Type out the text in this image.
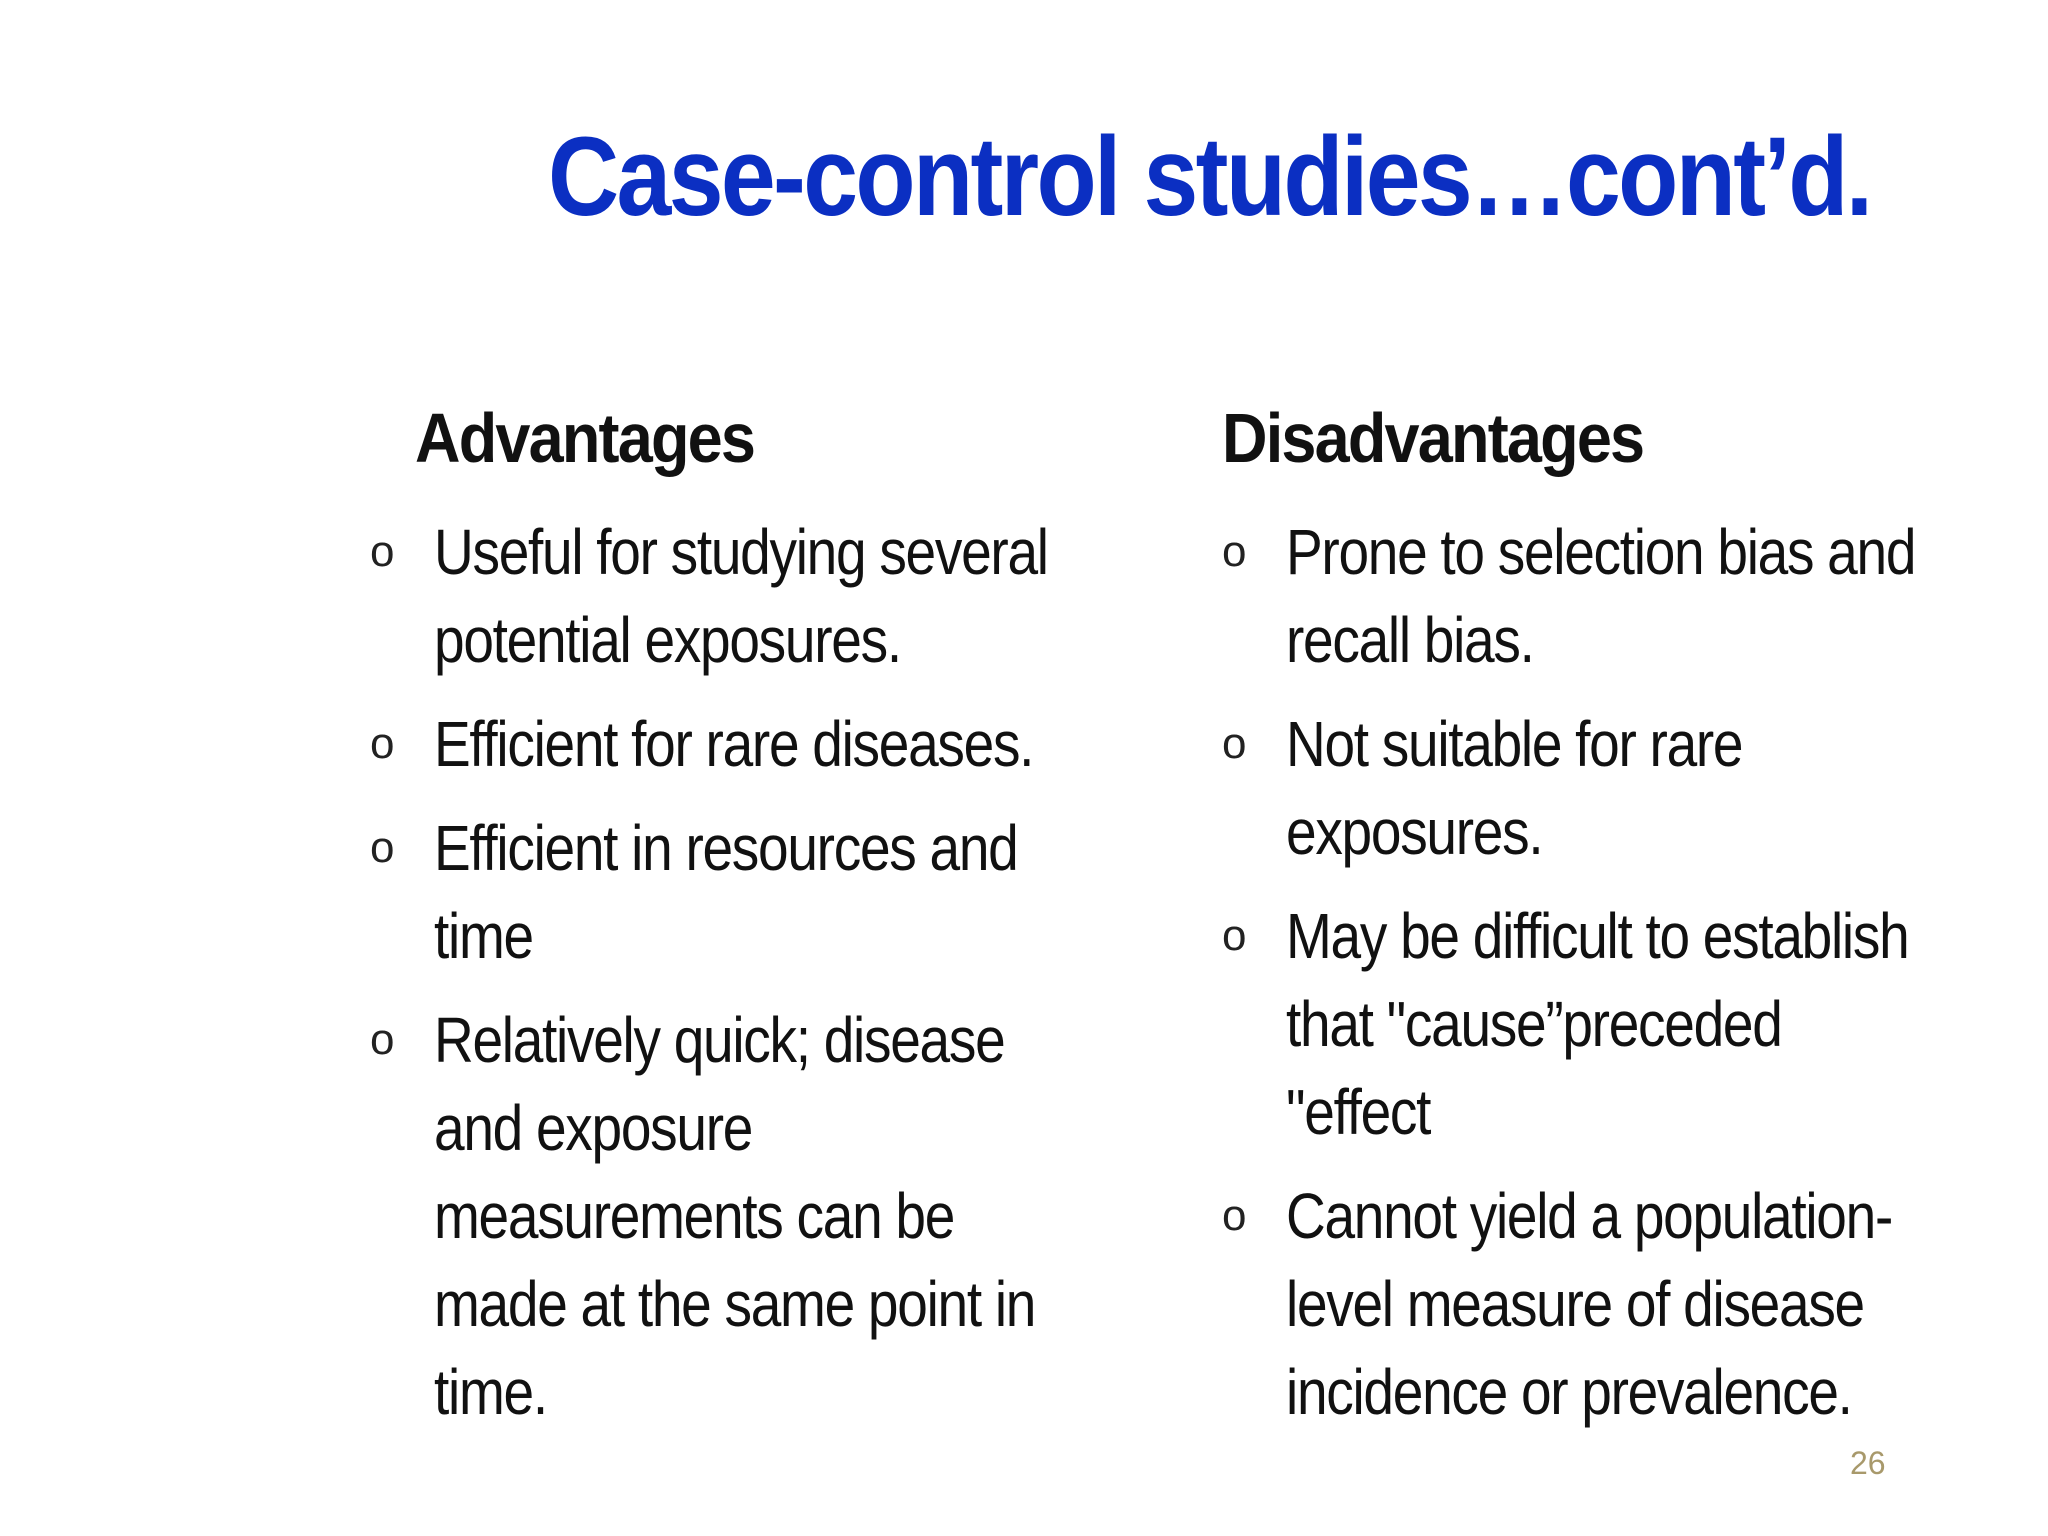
Case-control studies…cont’d.
Advantages
o Useful for studying several potential exposures.
o Efficient for rare diseases.
o Efficient in resources and time
o Relatively quick; disease and exposure measurements can be made at the same point in time.
Disadvantages
o Prone to selection bias and recall bias.
o Not suitable for rare exposures.
o May be difficult to establish that "cause”preceded "effect
o Cannot yield a population-level measure of disease incidence or prevalence.
26
